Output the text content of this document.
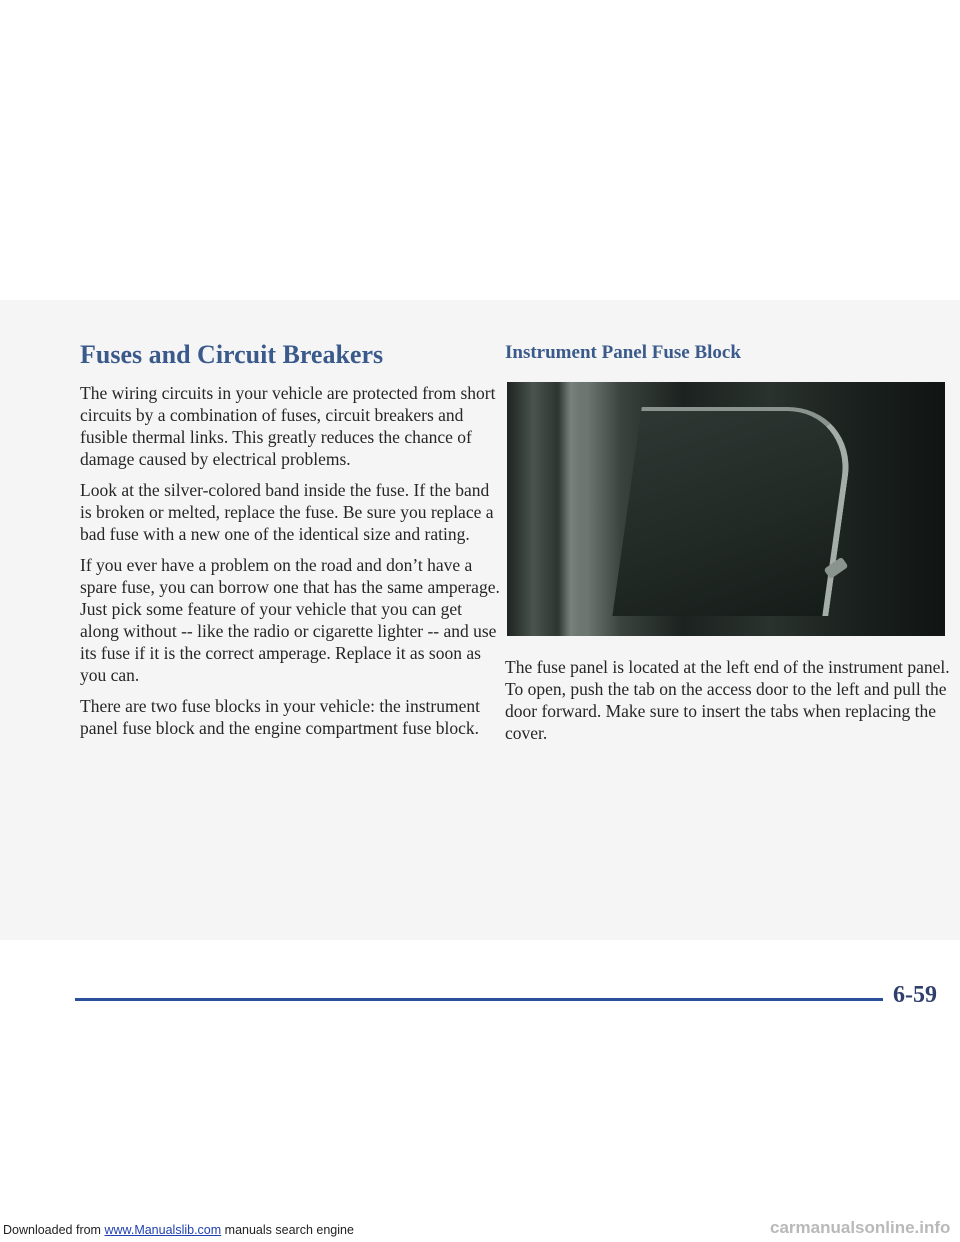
Fuses and Circuit Breakers

The wiring circuits in your vehicle are protected from short circuits by a combination of fuses, circuit breakers and fusible thermal links. This greatly reduces the chance of damage caused by electrical problems.

Look at the silver-colored band inside the fuse. If the band is broken or melted, replace the fuse. Be sure you replace a bad fuse with a new one of the identical size and rating.

If you ever have a problem on the road and don’t have a spare fuse, you can borrow one that has the same amperage. Just pick some feature of your vehicle that you can get along without -- like the radio or cigarette lighter -- and use its fuse if it is the correct amperage. Replace it as soon as you can.

There are two fuse blocks in your vehicle: the instrument panel fuse block and the engine compartment fuse block.

Instrument Panel Fuse Block

The fuse panel is located at the left end of the instrument panel. To open, push the tab on the access door to the left and pull the door forward. Make sure to insert the tabs when replacing the cover.

6-59
Downloaded from www.Manualslib.com manuals search engine	carmanualsonline.info
